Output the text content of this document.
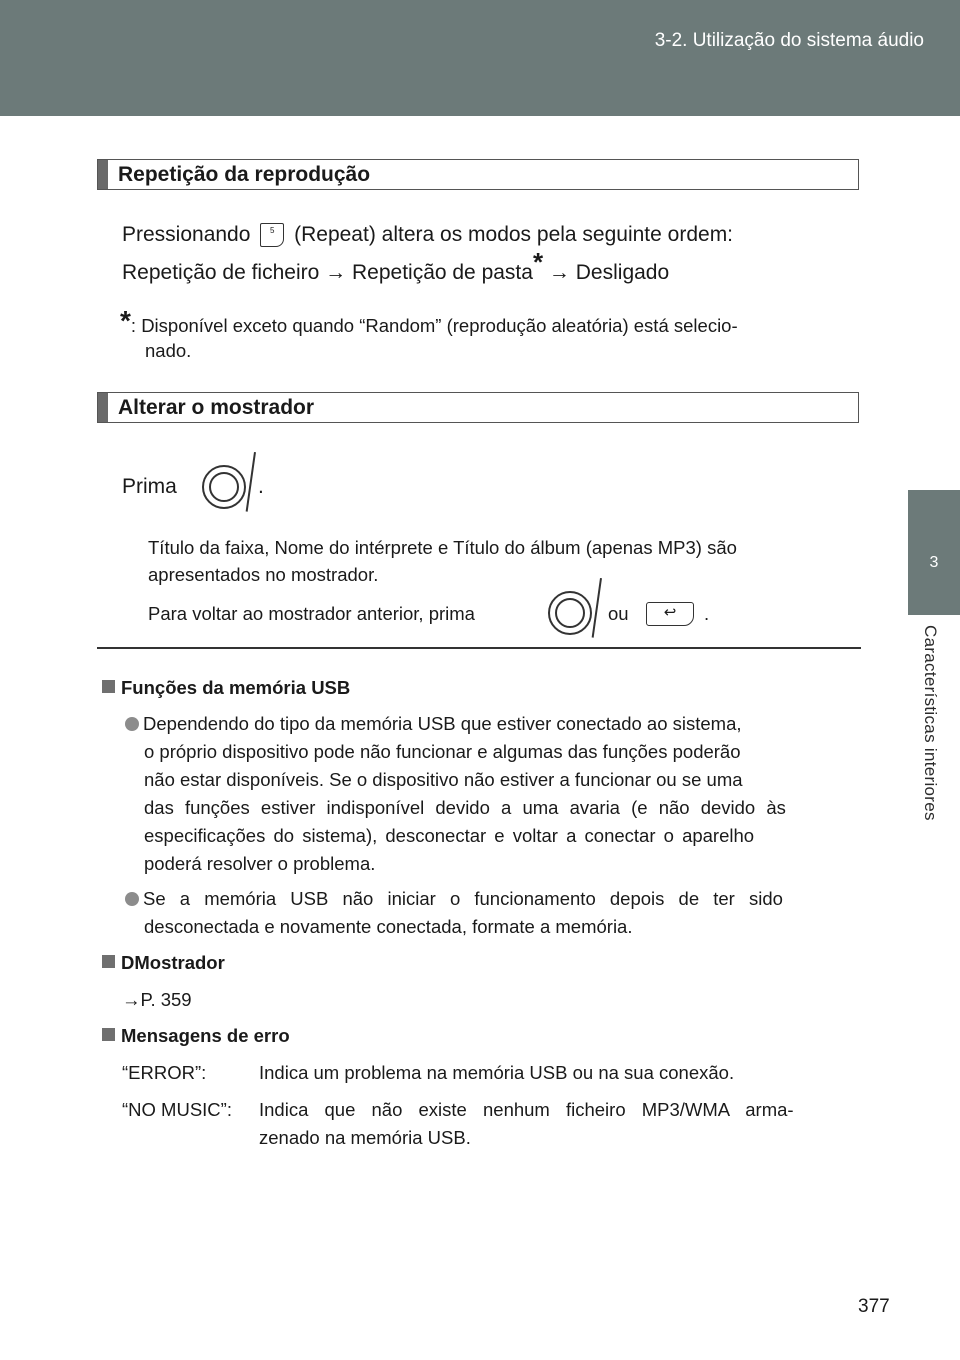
3-2. Utilização do sistema áudio
3
Características interiores
Repetição da reprodução
Pressionando 5 (Repeat) altera os modos pela seguinte ordem:
Repetição de ficheiro → Repetição de pasta* → Desligado
*: Disponível exceto quando “Random” (reprodução aleatória) está selecio-
nado.
Alterar o mostrador
Prima	.
Título da faixa, Nome do intérprete e Título do álbum (apenas MP3) são
apresentados no mostrador.
Para voltar ao mostrador anterior, prima	ou	↩	.
Funções da memória USB
Dependendo do tipo da memória USB que estiver conectado ao sistema,
o próprio dispositivo pode não funcionar e algumas das funções poderão
não estar disponíveis. Se o dispositivo não estiver a funcionar ou se uma
das funções estiver indisponível devido a uma avaria (e não devido às
especificações do sistema), desconectar e voltar a conectar o aparelho
poderá resolver o problema.
Se a memória USB não iniciar o funcionamento depois de ter sido
desconectada e novamente conectada, formate a memória.
DMostrador
→P. 359
Mensagens de erro
“ERROR”:	Indica um problema na memória USB ou na sua conexão.
“NO MUSIC”: Indica que não existe nenhum ficheiro MP3/WMA arma-
zenado na memória USB.
377
